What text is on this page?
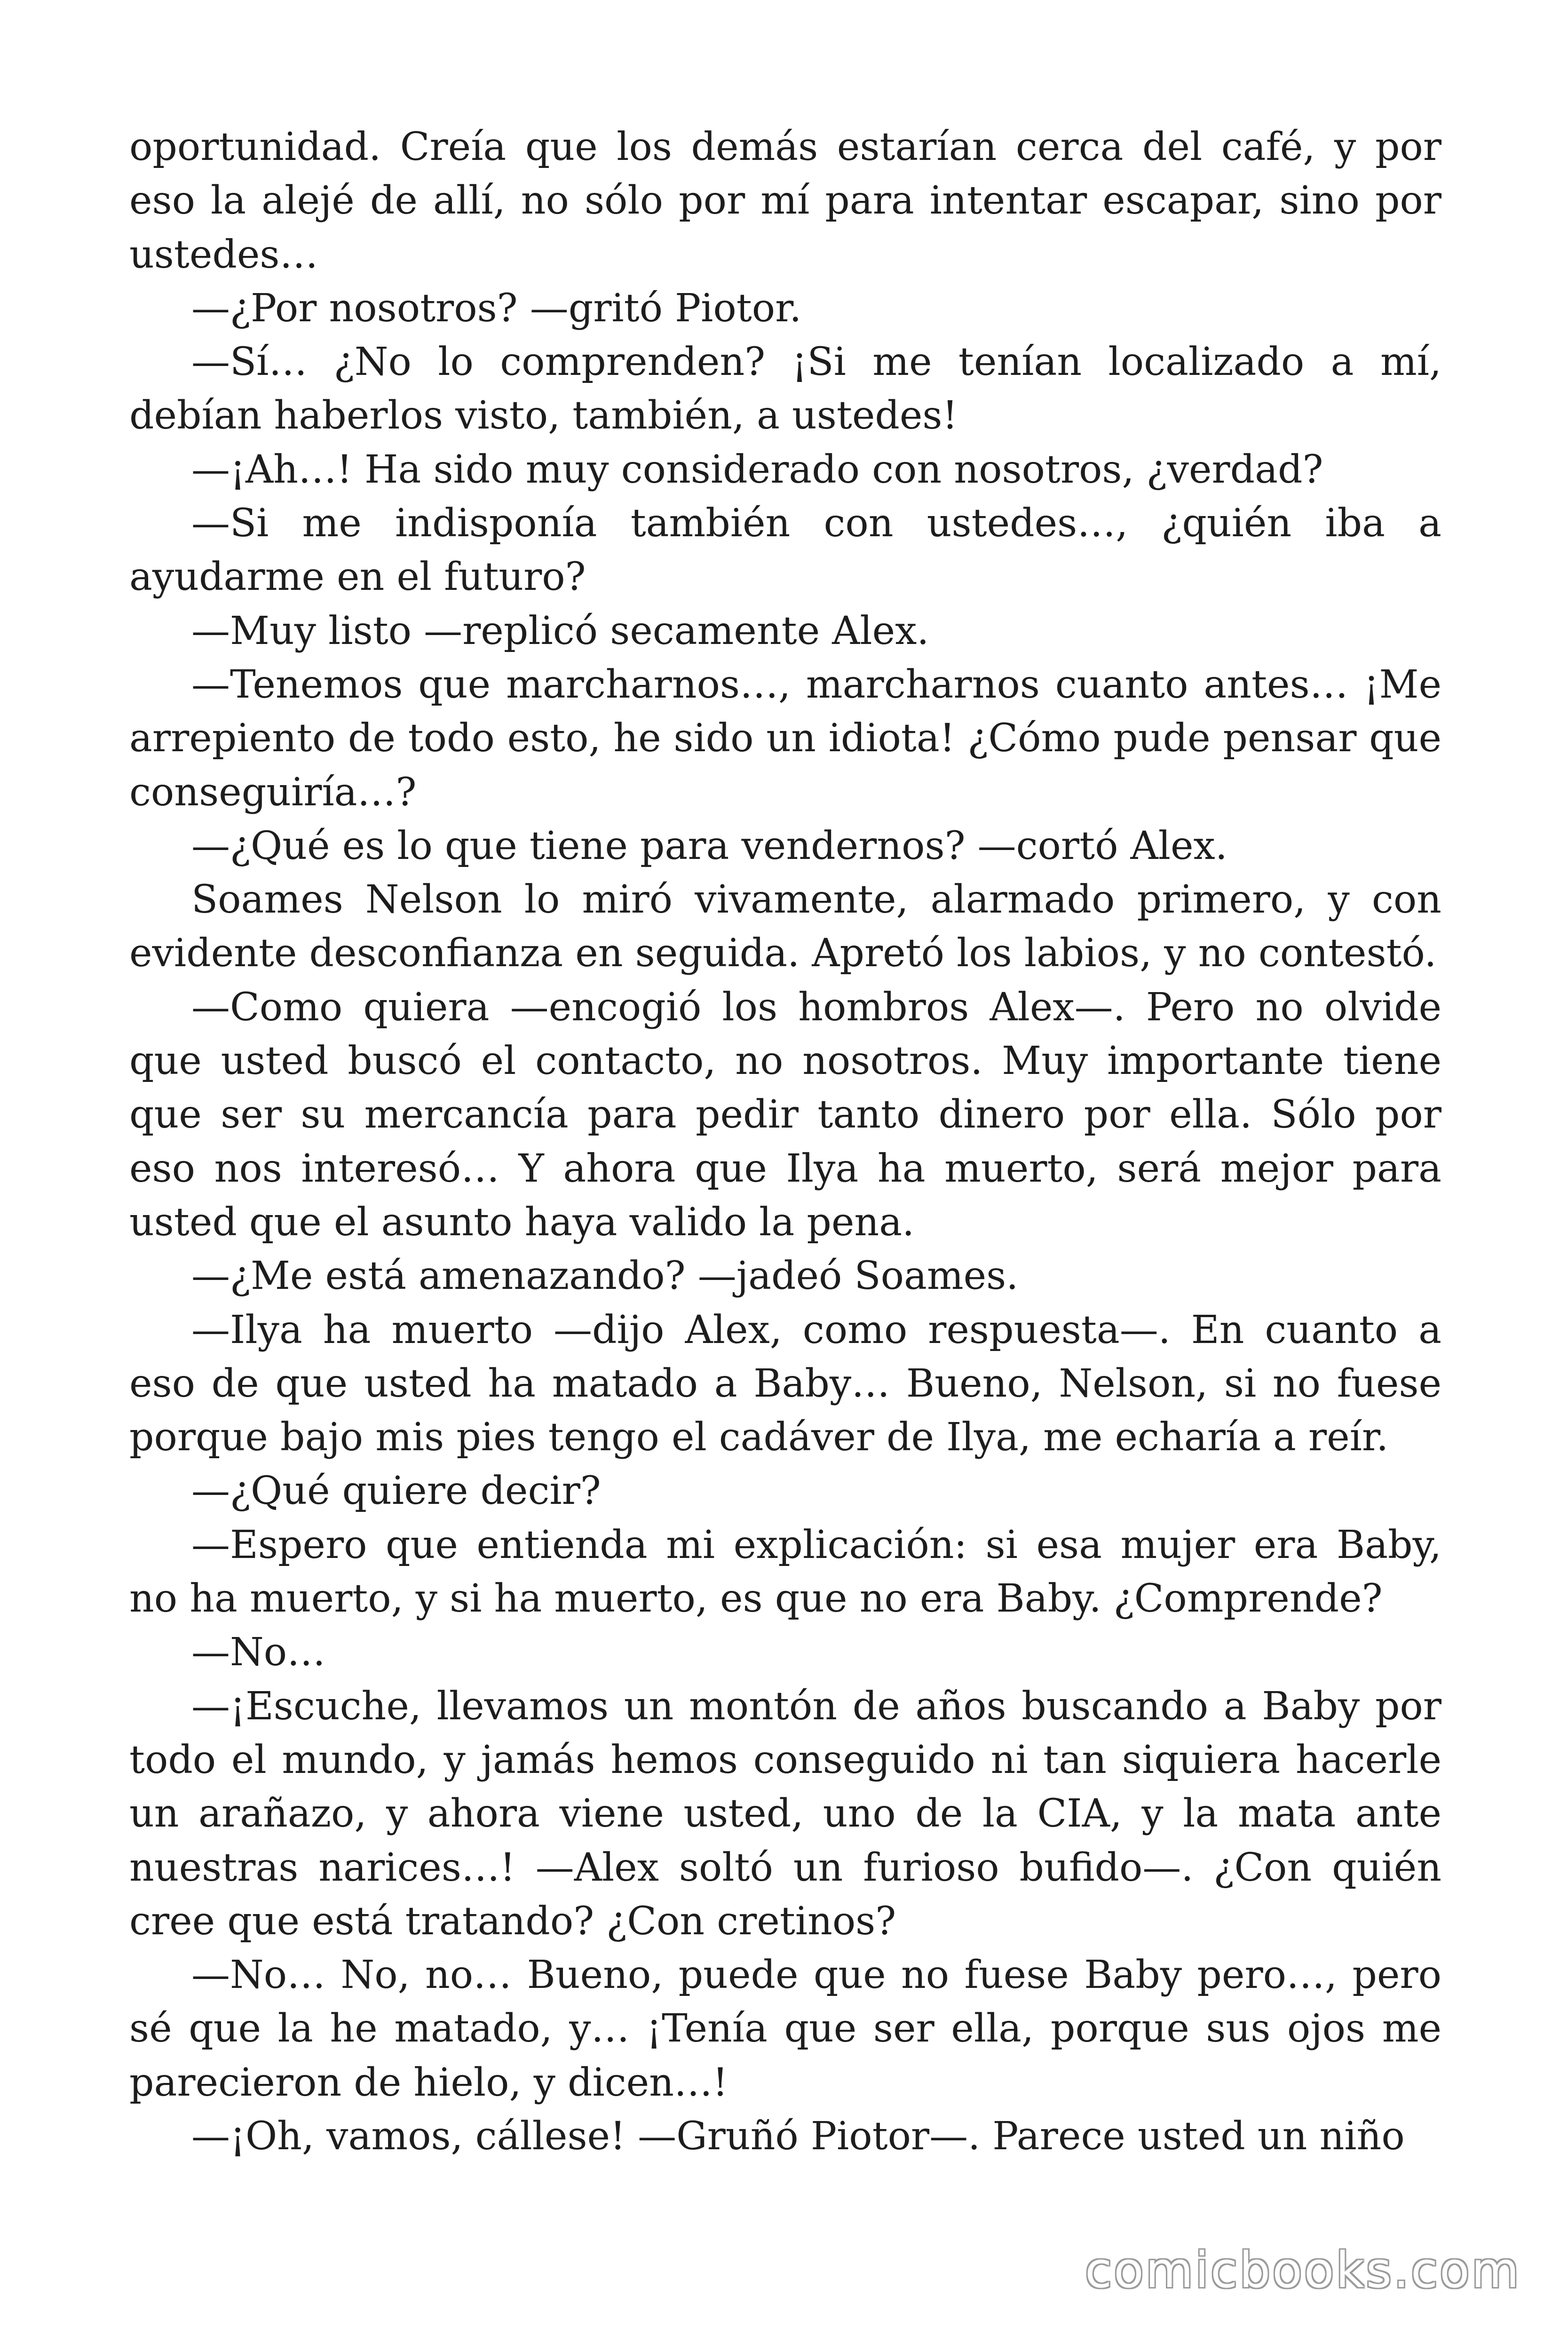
oportunidad. Creía que los demás estarían cerca del café, y por eso la alejé de allí, no sólo por mí para intentar escapar, sino por ustedes…

—¿Por nosotros? —gritó Piotor.

—Sí… ¿No lo comprenden? ¡Si me tenían localizado a mí, debían haberlos visto, también, a ustedes!

—¡Ah…! Ha sido muy considerado con nosotros, ¿verdad?

—Si me indisponía también con ustedes…, ¿quién iba a ayudarme en el futuro?

—Muy listo —replicó secamente Alex.

—Tenemos que marcharnos…, marcharnos cuanto antes… ¡Me arrepiento de todo esto, he sido un idiota! ¿Cómo pude pensar que conseguiría…?

—¿Qué es lo que tiene para vendernos? —cortó Alex.

Soames Nelson lo miró vivamente, alarmado primero, y con evidente desconfianza en seguida. Apretó los labios, y no contestó.

—Como quiera —encogió los hombros Alex—. Pero no olvide que usted buscó el contacto, no nosotros. Muy importante tiene que ser su mercancía para pedir tanto dinero por ella. Sólo por eso nos interesó… Y ahora que Ilya ha muerto, será mejor para usted que el asunto haya valido la pena.

—¿Me está amenazando? —jadeó Soames.

—Ilya ha muerto —dijo Alex, como respuesta—. En cuanto a eso de que usted ha matado a Baby… Bueno, Nelson, si no fuese porque bajo mis pies tengo el cadáver de Ilya, me echaría a reír.

—¿Qué quiere decir?

—Espero que entienda mi explicación: si esa mujer era Baby, no ha muerto, y si ha muerto, es que no era Baby. ¿Comprende?

—No…

—¡Escuche, llevamos un montón de años buscando a Baby por todo el mundo, y jamás hemos conseguido ni tan siquiera hacerle un arañazo, y ahora viene usted, uno de la CIA, y la mata ante nuestras narices…! —Alex soltó un furioso bufido—. ¿Con quién cree que está tratando? ¿Con cretinos?

—No… No, no… Bueno, puede que no fuese Baby pero…, pero sé que la he matado, y… ¡Tenía que ser ella, porque sus ojos me parecieron de hielo, y dicen…!

—¡Oh, vamos, cállese! —Gruñó Piotor—. Parece usted un niño

comicbooks.com
